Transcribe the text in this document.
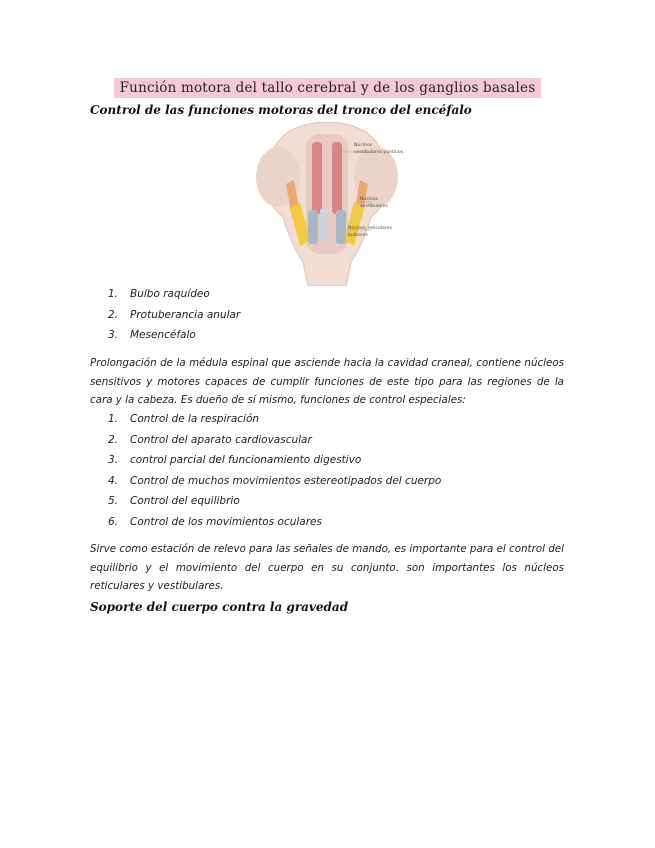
Función motora del tallo cerebral y de los ganglios basales
Control de las funciones motoras del tronco del encéfalo
Núcleos
vestibulares pontinos
Núcleos
vestibulares
Núcleos reticulares
bulbares
1. Bulbo raquídeo
2. Protuberancia anular
3. Mesencéfalo

Prolongación de la médula espinal que asciende hacia la cavidad craneal, contiene núcleos sensitivos y motores capaces de cumplir funciones de este tipo para las regiones de la cara y la cabeza. Es dueño de sí mismo, funciones de control especiales:

1. Control de la respiración
2. Control del aparato cardiovascular
3. control parcial del funcionamiento digestivo
4. Control de muchos movimientos estereotipados del cuerpo
5. Control del equilibrio
6. Control de los movimientos oculares

Sirve como estación de relevo para las señales de mando, es importante para el control del equilibrio y el movimiento del cuerpo en su conjunto. son importantes los núcleos reticulares y vestibulares.

Soporte del cuerpo contra la gravedad
